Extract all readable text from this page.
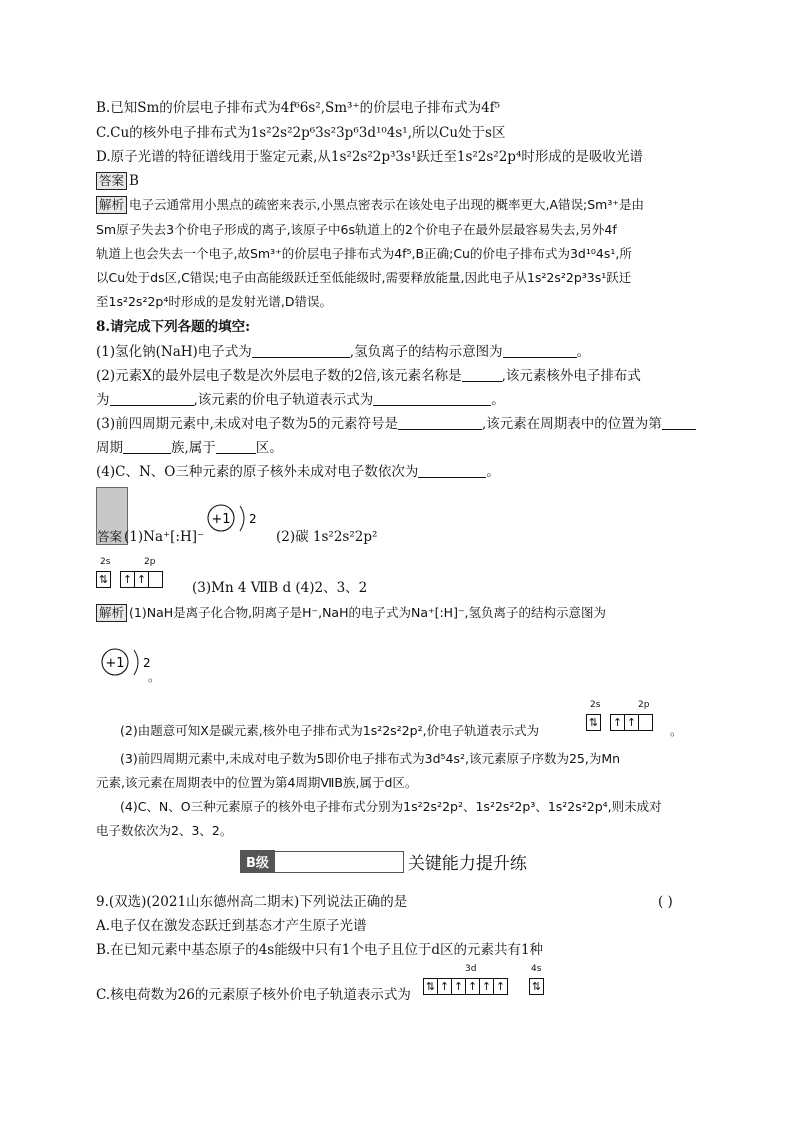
B.已知Sm的价层电子排布式为4f⁶6s²,Sm³⁺的价层电子排布式为4f⁵
C.Cu的核外电子排布式为1s²2s²2p⁶3s²3p⁶3d¹⁰4s¹,所以Cu处于s区
D.原子光谱的特征谱线用于鉴定元素,从1s²2s²2p³3s¹跃迁至1s²2s²2p⁴时形成的是吸收光谱
答案 B
解析 电子云通常用小黑点的疏密来表示,小黑点密表示在该处电子出现的概率更大,A错误;Sm³⁺是由
Sm原子失去3个价电子形成的离子,该原子中6s轨道上的2个价电子在最外层最容易失去,另外4f
轨道上也会失去一个电子,故Sm³⁺的价层电子排布式为4f⁵,B正确;Cu的价电子排布式为3d¹⁰4s¹,所
以Cu处于ds区,C错误;电子由高能级跃迁至低能级时,需要释放能量,因此电子从1s²2s²2p³3s¹跃迁
至1s²2s²2p⁴时形成的是发射光谱,D错误。
8.请完成下列各题的填空:
(1)氢化钠(NaH)电子式为	,氢负离子的结构示意图为	。
(2)元素X的最外层电子数是次外层电子数的2倍,该元素名称是	,该元素核外电子排布式
为	,该元素的价电子轨道表示式为	。
(3)前四周期元素中,未成对电子数为5的元素符号是	,该元素在周期表中的位置为第
周期	族,属于	区。
(4)C、N、O三种元素的原子核外未成对电子数依次为	。
答案 (1)Na⁺[:H]⁻
+1 2
(2)碳 1s²2s²2p²
2s	2p
⇅ ↑ ↑
(3)Mn 4 ⅦB d (4)2、3、2
解析 (1)NaH是离子化合物,阴离子是H⁻,NaH的电子式为Na⁺[:H]⁻,氢负离子的结构示意图为
+1 2
。
(2)由题意可知X是碳元素,核外电子排布式为1s²2s²2p²,价电子轨道表示式为
2s	2p
⇅ ↑ ↑
。
(3)前四周期元素中,未成对电子数为5即价电子排布式为3d⁵4s²,该元素原子序数为25,为Mn
元素,该元素在周期表中的位置为第4周期ⅦB族,属于d区。
(4)C、N、O三种元素原子的核外电子排布式分别为1s²2s²2p²、1s²2s²2p³、1s²2s²2p⁴,则未成对
电子数依次为2、3、2。
B级	关键能力提升练
9.(双选)(2021山东德州高二期末)下列说法正确的是	( )
A.电子仅在激发态跃迁到基态才产生原子光谱
B.在已知元素中基态原子的4s能级中只有1个电子且位于d区的元素共有1种
C.核电荷数为26的元素原子核外价电子轨道表示式为
3d	4s
⇅ ↑ ↑ ↑ ↑ ↑ ⇅
